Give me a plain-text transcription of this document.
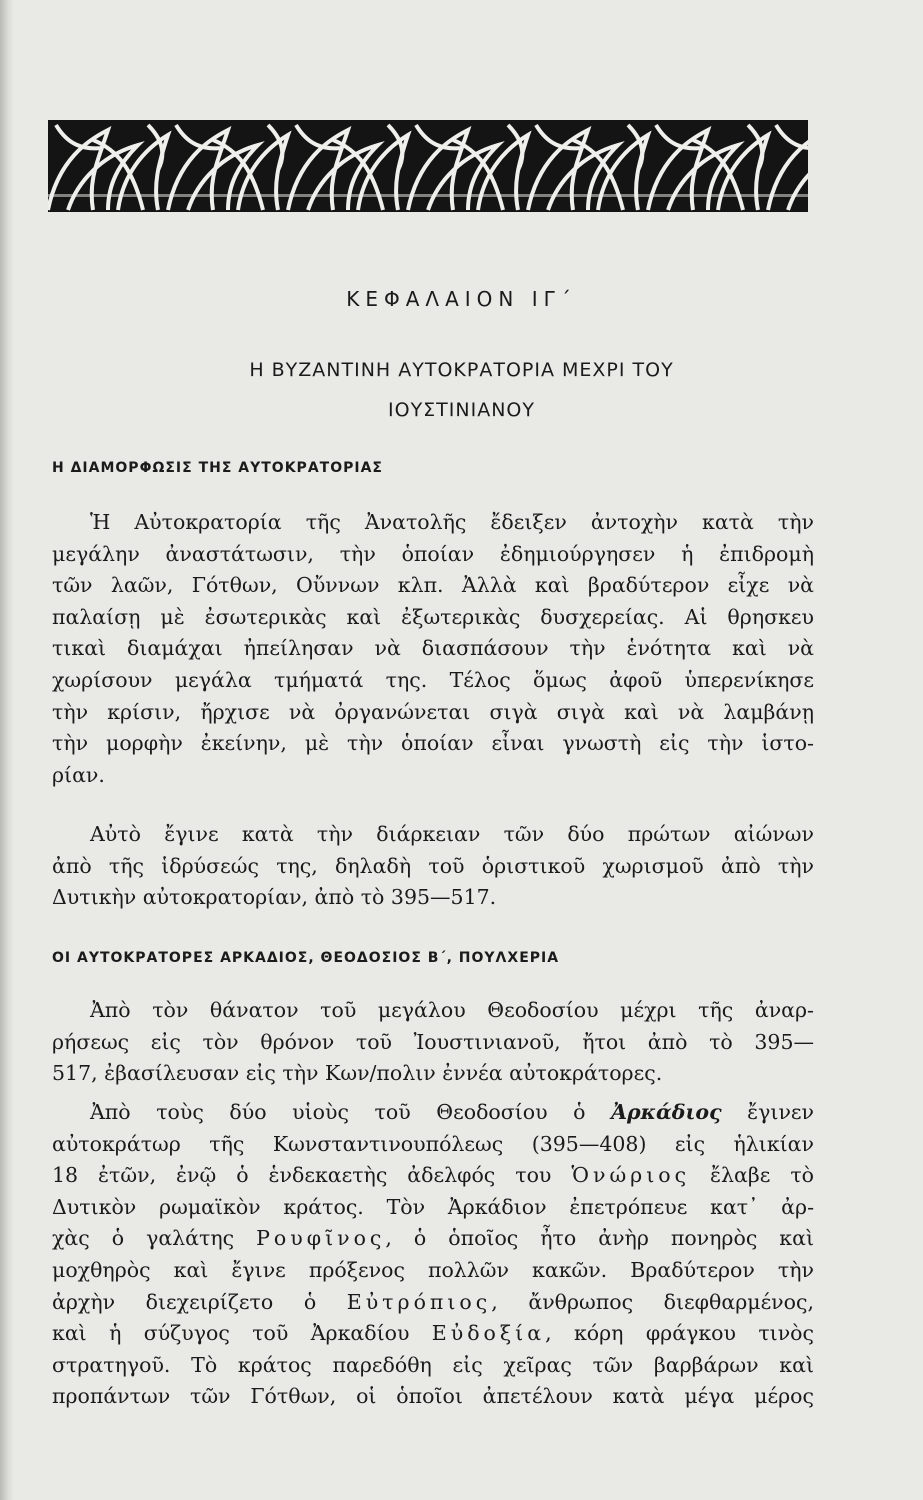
ΚΕΦΑΛΑΙΟΝ ΙΓ΄
Η ΒΥΖΑΝΤΙΝΗ ΑΥΤΟΚΡΑΤΟΡΙΑ ΜΕΧΡΙ ΤΟΥ
ΙΟΥΣΤΙΝΙΑΝΟΥ
Η ΔΙΑΜΟΡΦΩΣΙΣ ΤΗΣ ΑΥΤΟΚΡΑΤΟΡΙΑΣ

Ἡ Αὐτοκρατορία τῆς Ἀνατολῆς ἔδειξεν ἀντοχὴν κατὰ τὴν
μεγάλην ἀναστάτωσιν, τὴν ὁποίαν ἐδημιούργησεν ἡ ἐπιδρομὴ
τῶν λαῶν, Γότθων, Οὔννων κλπ. Ἀλλὰ καὶ βραδύτερον εἶχε νὰ
παλαίσῃ μὲ ἐσωτερικὰς καὶ ἐξωτερικὰς δυσχερείας. Αἱ θρησκευ
τικαὶ διαμάχαι ἠπείλησαν νὰ διασπάσουν τὴν ἑνότητα καὶ νὰ
χωρίσουν μεγάλα τμήματά της. Τέλος ὅμως ἀφοῦ ὑπερενίκησε
τὴν κρίσιν, ἤρχισε νὰ ὀργανώνεται σιγὰ σιγὰ καὶ νὰ λαμβάνῃ
τὴν μορφὴν ἐκείνην, μὲ τὴν ὁποίαν εἶναι γνωστὴ εἰς τὴν ἱστο-
ρίαν.

Αὐτὸ ἔγινε κατὰ τὴν διάρκειαν τῶν δύο πρώτων αἰώνων
ἀπὸ τῆς ἱδρύσεώς της, δηλαδὴ τοῦ ὁριστικοῦ χωρισμοῦ ἀπὸ τὴν
Δυτικὴν αὐτοκρατορίαν, ἀπὸ τὸ 395—517.

ΟΙ ΑΥΤΟΚΡΑΤΟΡΕΣ ΑΡΚΑΔΙΟΣ, ΘΕΟΔΟΣΙΟΣ Β΄, ΠΟΥΛΧΕΡΙΑ

Ἀπὸ τὸν θάνατον τοῦ μεγάλου Θεοδοσίου μέχρι τῆς ἀναρ-
ρήσεως εἰς τὸν θρόνον τοῦ Ἰουστινιανοῦ, ἤτοι ἀπὸ τὸ 395—
517, ἐβασίλευσαν εἰς τὴν Κων/πολιν ἐννέα αὐτοκράτορες.

Ἀπὸ τοὺς δύο υἱοὺς τοῦ Θεοδοσίου ὁ Ἀρκάδιος ἔγινεν
αὐτοκράτωρ τῆς Κωνσταντινουπόλεως (395—408) εἰς ἡλικίαν
18 ἐτῶν, ἐνῷ ὁ ἑνδεκαετὴς ἀδελφός του Ὁνώριος ἔλαβε τὸ
Δυτικὸν ρωμαϊκὸν κράτος. Τὸν Ἀρκάδιον ἐπετρόπευε κατ᾽ ἀρ-
χὰς ὁ γαλάτης Ρουφῖνος, ὁ ὁποῖος ἦτο ἀνὴρ πονηρὸς καὶ
μοχθηρὸς καὶ ἔγινε πρόξενος πολλῶν κακῶν. Βραδύτερον τὴν
ἀρχὴν διεχειρίζετο ὁ Εὐτρόπιος, ἄνθρωπος διεφθαρμένος,
καὶ ἡ σύζυγος τοῦ Ἀρκαδίου Εὐδοξία, κόρη φράγκου τινὸς
στρατηγοῦ. Τὸ κράτος παρεδόθη εἰς χεῖρας τῶν βαρβάρων καὶ
προπάντων τῶν Γότθων, οἱ ὁποῖοι ἀπετέλουν κατὰ μέγα μέρος
